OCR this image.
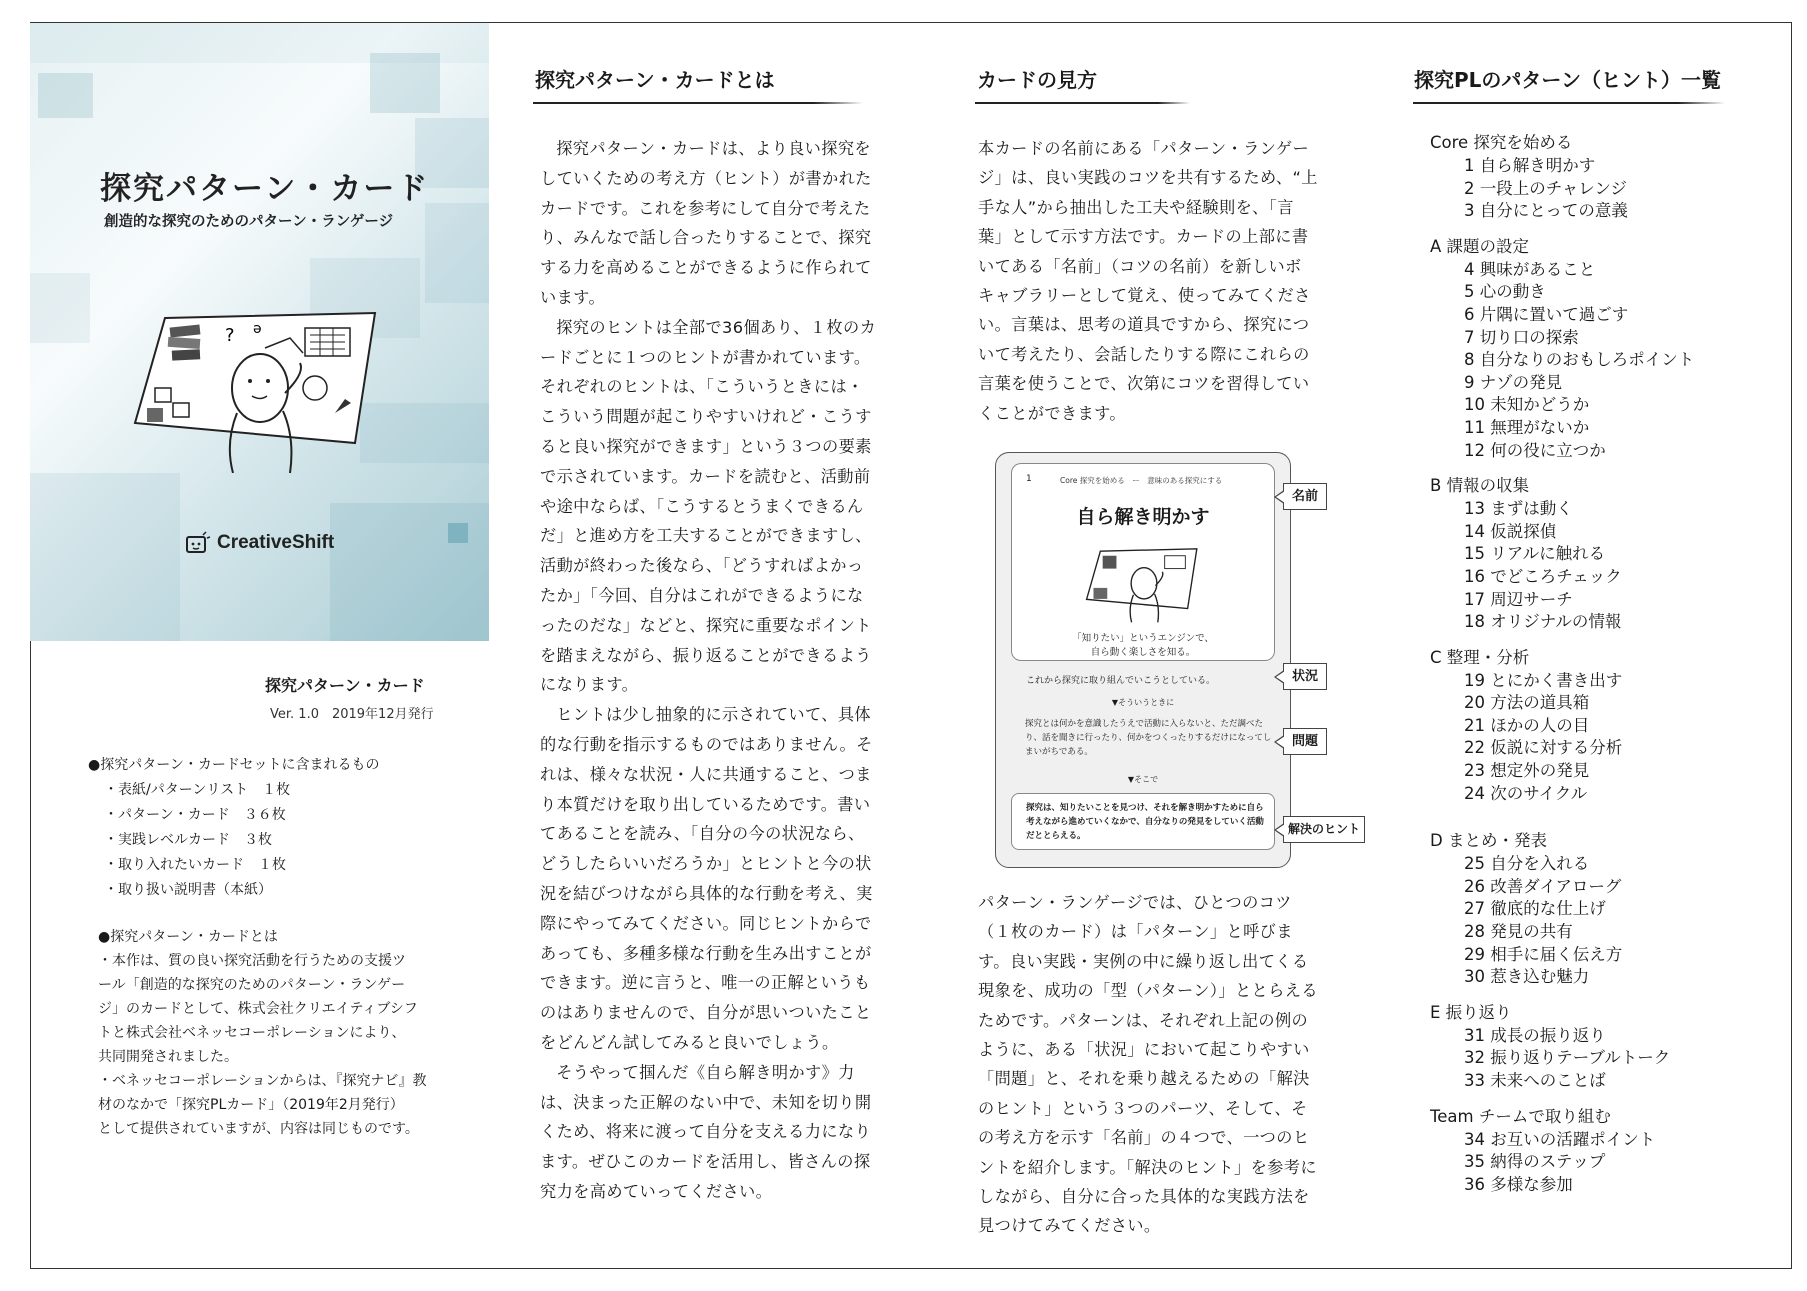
探究パターン・カード
創造的な探究のためのパターン・ランゲージ
? ǝ
CreativeShift
探究パターン・カード
Ver. 1.0　2019年12月発行
●探究パターン・カードセットに含まれるもの
・表紙/パターンリスト　１枚
・パターン・カード　３６枚
・実践レベルカード　３枚
・取り入れたいカード　１枚
・取り扱い説明書（本紙）
●探究パターン・カードとは
・本作は、質の良い探究活動を行うための支援ツ
ール「創造的な探究のためのパターン・ランゲー
ジ」のカードとして、株式会社クリエイティブシフ
トと株式会社ベネッセコーポレーションにより、
共同開発されました。
・ベネッセコーポレーションからは、『探究ナビ』教
材のなかで「探究PLカード」（2019年2月発行）
として提供されていますが、内容は同じものです。
探究パターン・カードとは

探究パターン・カードは、より良い探究をしていくための考え方（ヒント）が書かれたカードです。これを参考にして自分で考えたり、みんなで話し合ったりすることで、探究する力を高めることができるように作られています。

探究のヒントは全部で36個あり、１枚のカードごとに１つのヒントが書かれています。それぞれのヒントは、「こういうときには・こういう問題が起こりやすいけれど・こうすると良い探究ができます」という３つの要素で示されています。カードを読むと、活動前や途中ならば、「こうするとうまくできるんだ」と進め方を工夫することができますし、活動が終わった後なら、「どうすればよかったか」「今回、自分はこれができるようになったのだな」などと、探究に重要なポイントを踏まえながら、振り返ることができるようになります。

ヒントは少し抽象的に示されていて、具体的な行動を指示するものではありません。それは、様々な状況・人に共通すること、つまり本質だけを取り出しているためです。書いてあることを読み、「自分の今の状況なら、どうしたらいいだろうか」とヒントと今の状況を結びつけながら具体的な行動を考え、実際にやってみてください。同じヒントからであっても、多種多様な行動を生み出すことができます。逆に言うと、唯一の正解というものはありませんので、自分が思いついたことをどんどん試してみると良いでしょう。

そうやって掴んだ《自ら解き明かす》力は、決まった正解のない中で、未知を切り開くため、将来に渡って自分を支える力になります。ぜひこのカードを活用し、皆さんの探究力を高めていってください。

カードの見方
本カードの名前にある「パターン・ランゲージ」は、良い実践のコツを共有するため、“上手な人”から抽出した工夫や経験則を、「言葉」として示す方法です。カードの上部に書いてある「名前」（コツの名前）を新しいボキャブラリーとして覚え、使ってみてください。言葉は、思考の道具ですから、探究について考えたり、会話したりする際にこれらの言葉を使うことで、次第にコツを習得していくことができます。
1	Core 探究を始める　ー　意味のある探究にする
自ら解き明かす
「知りたい」というエンジンで、
自ら動く楽しさを知る。
これから探究に取り組んでいこうとしている。
▼そういうときに
探究とは何かを意識したうえで活動に入らないと、ただ調べたり、話を聞きに行ったり、何かをつくったりするだけになってしまいがちである。
▼そこで
探究は、知りたいことを見つけ、それを解き明かすために自ら考えながら進めていくなかで、自分なりの発見をしていく活動だととらえる。
名前
状況
問題
解決のヒント
パターン・ランゲージでは、ひとつのコツ（１枚のカード）は「パターン」と呼びます。良い実践・実例の中に繰り返し出てくる現象を、成功の「型（パターン）」ととらえるためです。パターンは、それぞれ上記の例のように、ある「状況」において起こりやすい「問題」と、それを乗り越えるための「解決のヒント」という３つのパーツ、そして、その考え方を示す「名前」の４つで、一つのヒントを紹介します。「解決のヒント」を参考にしながら、自分に合った具体的な実践方法を見つけてみてください。
探究PLのパターン（ヒント）一覧
Core 探究を始める
1 自ら解き明かす
2 一段上のチャレンジ
3 自分にとっての意義
A 課題の設定
4 興味があること
5 心の動き
6 片隅に置いて過ごす
7 切り口の探索
8 自分なりのおもしろポイント
9 ナゾの発見
10 未知かどうか
11 無理がないか
12 何の役に立つか
B 情報の収集
13 まずは動く
14 仮説探偵
15 リアルに触れる
16 でどころチェック
17 周辺サーチ
18 オリジナルの情報
C 整理・分析
19 とにかく書き出す
20 方法の道具箱
21 ほかの人の目
22 仮説に対する分析
23 想定外の発見
24 次のサイクル
D まとめ・発表
25 自分を入れる
26 改善ダイアローグ
27 徹底的な仕上げ
28 発見の共有
29 相手に届く伝え方
30 惹き込む魅力
E 振り返り
31 成長の振り返り
32 振り返りテーブルトーク
33 未来へのことば
Team チームで取り組む
34 お互いの活躍ポイント
35 納得のステップ
36 多様な参加
